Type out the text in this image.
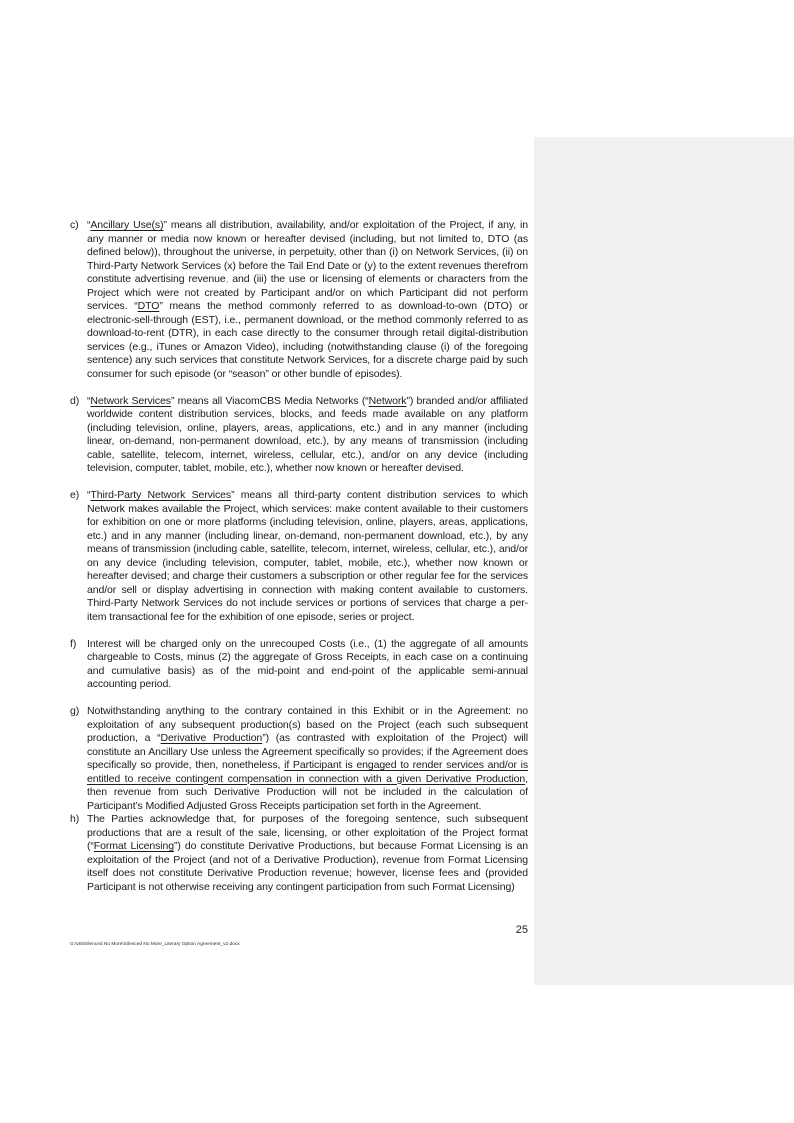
c) “Ancillary Use(s)” means all distribution, availability, and/or exploitation of the Project, if any, in any manner or media now known or hereafter devised (including, but not limited to, DTO (as defined below)), throughout the universe, in perpetuity, other than (i) on Network Services, (ii) on Third-Party Network Services (x) before the Tail End Date or (y) to the extent revenues therefrom constitute advertising revenue, and (iii) the use or licensing of elements or characters from the Project which were not created by Participant and/or on which Participant did not perform services. “DTO” means the method commonly referred to as download-to-own (DTO) or electronic-sell-through (EST), i.e., permanent download, or the method commonly referred to as download-to-rent (DTR), in each case directly to the consumer through retail digital-distribution services (e.g., iTunes or Amazon Video), including (notwithstanding clause (i) of the foregoing sentence) any such services that constitute Network Services, for a discrete charge paid by such consumer for such episode (or “season” or other bundle of episodes).
d) “Network Services” means all ViacomCBS Media Networks (“Network”) branded and/or affiliated worldwide content distribution services, blocks, and feeds made available on any platform (including television, online, players, areas, applications, etc.) and in any manner (including linear, on-demand, non-permanent download, etc.), by any means of transmission (including cable, satellite, telecom, internet, wireless, cellular, etc.), and/or on any device (including television, computer, tablet, mobile, etc.), whether now known or hereafter devised.
e) “Third-Party Network Services” means all third-party content distribution services to which Network makes available the Project, which services: make content available to their customers for exhibition on one or more platforms (including television, online, players, areas, applications, etc.) and in any manner (including linear, on-demand, non-permanent download, etc.), by any means of transmission (including cable, satellite, telecom, internet, wireless, cellular, etc.), and/or on any device (including television, computer, tablet, mobile, etc.), whether now known or hereafter devised; and charge their customers a subscription or other regular fee for the services and/or sell or display advertising in connection with making content available to customers. Third-Party Network Services do not include services or portions of services that charge a per-item transactional fee for the exhibition of one episode, series or project.
f)	Interest will be charged only on the unrecouped Costs (i.e., (1) the aggregate of all amounts chargeable to Costs, minus (2) the aggregate of Gross Receipts, in each case on a continuing and cumulative basis) as of the mid-point and end-point of the applicable semi-annual accounting period.
g) Notwithstanding anything to the contrary contained in this Exhibit or in the Agreement: no exploitation of any subsequent production(s) based on the Project (each such subsequent production, a “Derivative Production”) (as contrasted with exploitation of the Project) will constitute an Ancillary Use unless the Agreement specifically so provides; if the Agreement does specifically so provide, then, nonetheless, if Participant is engaged to render services and/or is entitled to receive contingent compensation in connection with a given Derivative Production, then revenue from such Derivative Production will not be included in the calculation of Participant’s Modified Adjusted Gross Receipts participation set forth in the Agreement.
h) The Parties acknowledge that, for purposes of the foregoing sentence, such subsequent productions that are a result of the sale, licensing, or other exploitation of the Project format (“Format Licensing”) do constitute Derivative Productions, but because Format Licensing is an exploitation of the Project (and not of a Derivative Production), revenue from Format Licensing itself does not constitute Derivative Production revenue; however, license fees and (provided Participant is not otherwise receiving any contingent participation from such Format Licensing)
25
G:\vt5\Silenced No More\Silenced No More_Literary Option Agreement_v2.docx
